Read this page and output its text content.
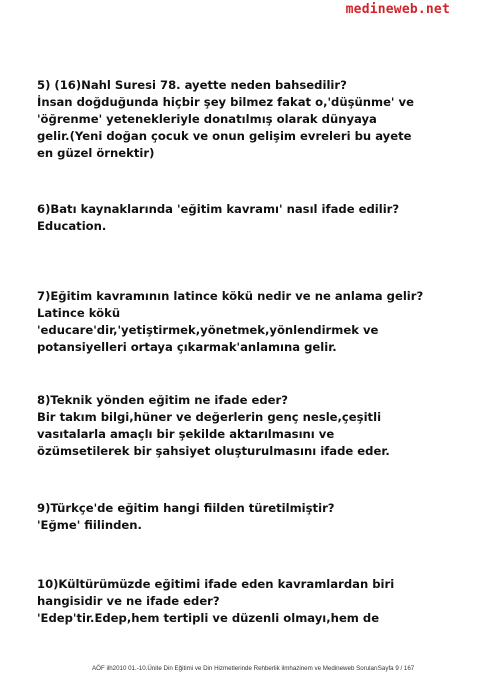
medineweb.net
5) (16)Nahl Suresi 78. ayette neden bahsedilir?
İnsan doğduğunda hiçbir şey bilmez fakat o,'düşünme' ve
'öğrenme' yetenekleriyle donatılmış olarak dünyaya
gelir.(Yeni doğan çocuk ve onun gelişim evreleri bu ayete
en güzel örnektir)
6)Batı kaynaklarında 'eğitim kavramı' nasıl ifade edilir?
Education.
7)Eğitim kavramının latince kökü nedir ve ne anlama gelir?
Latince kökü
'educare'dir,'yetiştirmek,yönetmek,yönlendirmek ve
potansiyelleri ortaya çıkarmak'anlamına gelir.
8)Teknik yönden eğitim ne ifade eder?
Bir takım bilgi,hüner ve değerlerin genç nesle,çeşitli
vasıtalarla amaçlı bir şekilde aktarılmasını ve
özümsetilerek bir şahsiyet oluşturulmasını ifade eder.
9)Türkçe'de eğitim hangi fiilden türetilmiştir?
'Eğme' fiilinden.
10)Kültürümüzde eğitimi ifade eden kavramlardan biri
hangisidir ve ne ifade eder?
'Edep'tir.Edep,hem tertipli ve düzenli olmayı,hem de
AÖF ilh2010 01.-10.Ünite Din Eğitimi ve Din Hizmetlerinde Rehberlik ilmhazinem ve Medineweb SorularıSayfa 9 / 167
